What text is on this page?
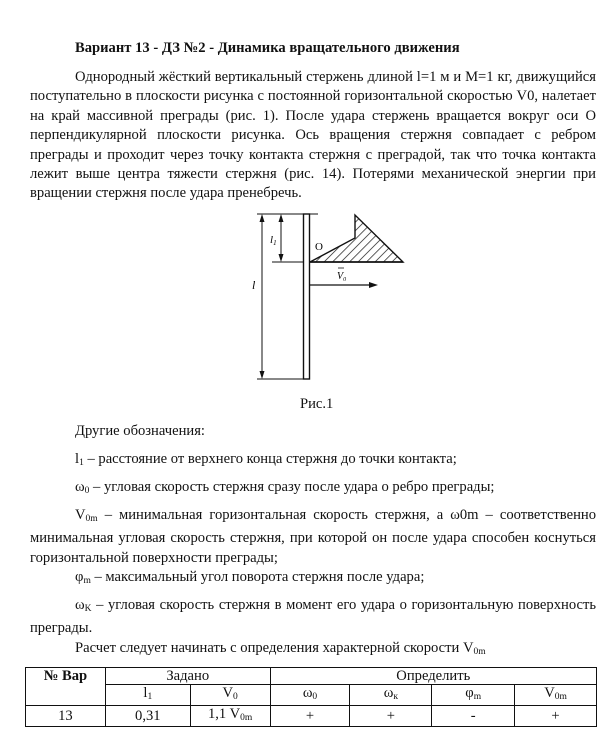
Вариант 13 - ДЗ №2 - Динамика вращательного движения
Однородный жёсткий вертикальный стержень длиной l=1 м и М=1 кг, движущийся поступательно в плоскости рисунка с постоянной горизонтальной скоростью V0, налетает на край массивной преграды (рис. 1). После удара стержень вращается вокруг оси О перпендикулярной плоскости рисунка. Ось вращения стержня совпадает с ребром преграды и проходит через точку контакта стержня с преградой, так что точка контакта лежит выше центра тяжести стержня (рис. 14). Потерями механической энергии при вращении стержня после удара пренебречь.
l1
l
O
$V_0$
Рис.1
Другие обозначения:
$l_1$ – расстояние от верхнего конца стержня до точки контакта;
$\omega_0$ – угловая скорость стержня сразу после удара о ребро преграды;
$V_{0m}$ – минимальная горизонтальная скорость стержня, а ω0m – соответственно минимальная угловая скорость стержня, при которой он после удара способен коснуться горизонтальной поверхности преграды;
$\varphi_m$ – максимальный угол поворота стержня после удара;
$\omega_K$ – угловая скорость стержня в момент его удара о горизонтальную поверхность преграды.
Расчет следует начинать с определения характерной скорости $V_{0m}$
№ Вар	Задано		Определить			
	$l_1$	$V_0$	$\omega_0$	$\omega_к$	$\varphi_m$	$V_{0m}$
13	0,31	1,1 $V_{0m}$	+	+	-	+
